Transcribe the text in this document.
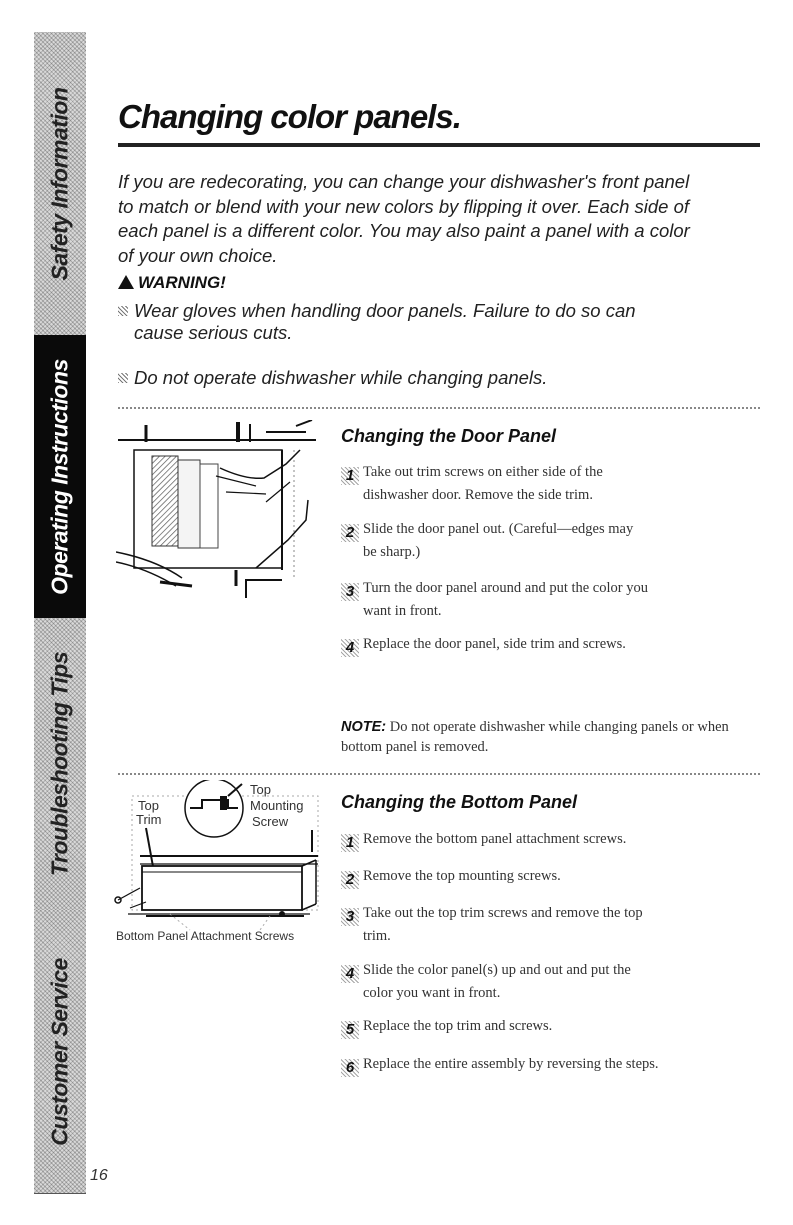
Safety Information
Operating Instructions
Troubleshooting Tips
Customer Service
16
Changing color panels.

If you are redecorating, you can change your dishwasher's front panel to match or blend with your new colors by flipping it over. Each side of each panel is a different color. You may also paint a panel with a color of your own choice.

WARNING!
Wear gloves when handling door panels. Failure to do so can
cause serious cuts.
Do not operate dishwasher while changing panels.
Changing the Door Panel
1 Take out trim screws on either side of the
dishwasher door. Remove the side trim.
2 Slide the door panel out. (Careful—edges may
be sharp.)
3 Turn the door panel around and put the color you
want in front.
4 Replace the door panel, side trim and screws.
NOTE: Do not operate dishwasher while changing panels or when bottom panel is removed.
Top
Trim
Top
Mounting
Screw
Bottom Panel Attachment Screws
Changing the Bottom Panel
1 Remove the bottom panel attachment screws.
2 Remove the top mounting screws.
3 Take out the top trim screws and remove the top
trim.
4 Slide the color panel(s) up and out and put the
color you want in front.
5 Replace the top trim and screws.
6 Replace the entire assembly by reversing the steps.
